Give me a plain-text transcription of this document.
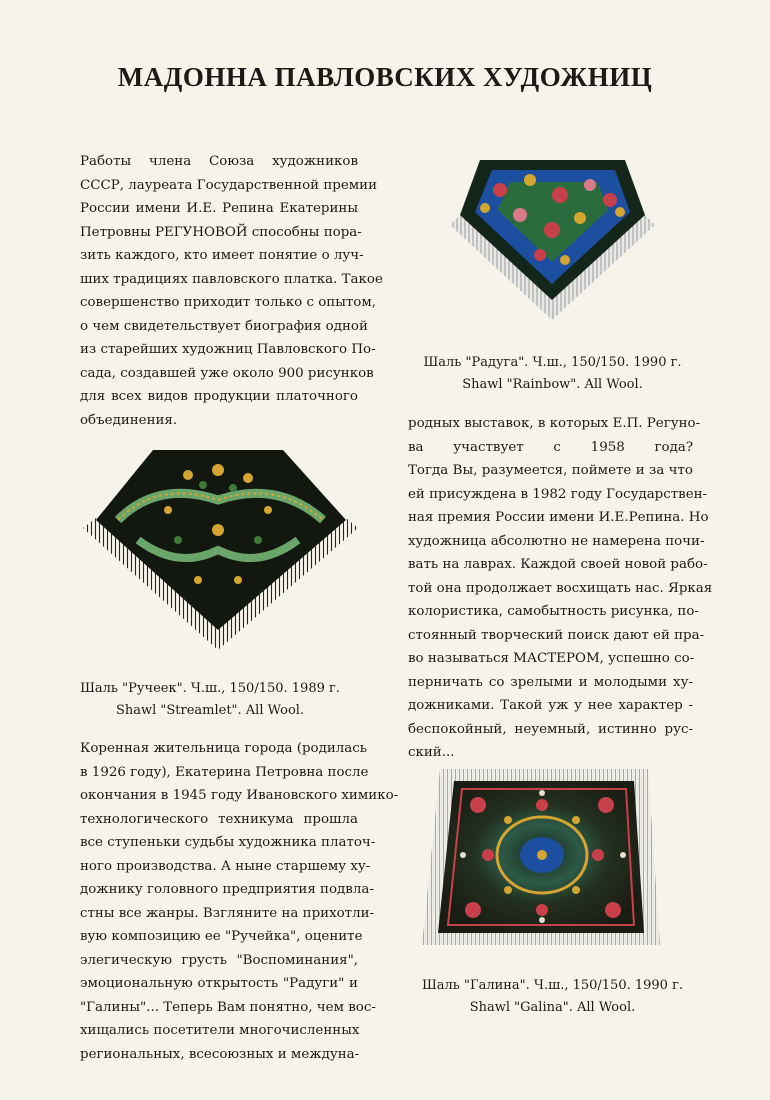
МАДОННА ПАВЛОВСКИХ ХУДОЖНИЦ

Работы члена Союза художников
СССР, лауреата Государственной премии
России имени И.Е. Репина Екатерины
Петровны РЕГУНОВОЙ способны пора-
зить каждого, кто имеет понятие о луч-
ших традициях павловского платка. Такое
совершенство приходит только с опытом,
о чем свидетельствует биография одной
из старейших художниц Павловского По-
сада, создавшей уже около 900 рисунков
для всех видов продукции платочного
объединения.

Шаль "Радуга". Ч.ш., 150/150. 1990 г.
Shawl "Rainbow". All Wool.

родных выставок, в которых Е.П. Регуно-
ва участвует с 1958 года?
Тогда Вы, разумеется, поймете и за что
ей присуждена в 1982 году Государствен-
ная премия России имени И.Е.Репина. Но
художница абсолютно не намерена почи-
вать на лаврах. Каждой своей новой рабо-
той она продолжает восхищать нас. Яркая
колористика, самобытность рисунка, по-
стоянный творческий поиск дают ей пра-
во называться МАСТЕРОМ, успешно со-
перничать со зрелыми и молодыми ху-
дожниками. Такой уж у нее характер -
беспокойный, неуемный, истинно рус-
ский...

Шаль "Ручеек". Ч.ш., 150/150. 1989 г.
Shawl "Streamlet". All Wool.

Коренная жительница города (родилась
в 1926 году), Екатерина Петровна после
окончания в 1945 году Ивановского химико-
технологического техникума прошла
все ступеньки судьбы художника платоч-
ного производства. А ныне старшему ху-
дожнику головного предприятия подвла-
стны все жанры. Взгляните на прихотли-
вую композицию ее "Ручейка", оцените
элегическую грусть "Воспоминания",
эмоциональную открытость "Радуги" и
"Галины"... Теперь Вам понятно, чем вос-
хищались посетители многочисленных
региональных, всесоюзных и междуна-

Шаль "Галина". Ч.ш., 150/150. 1990 г.
Shawl "Galina". All Wool.
